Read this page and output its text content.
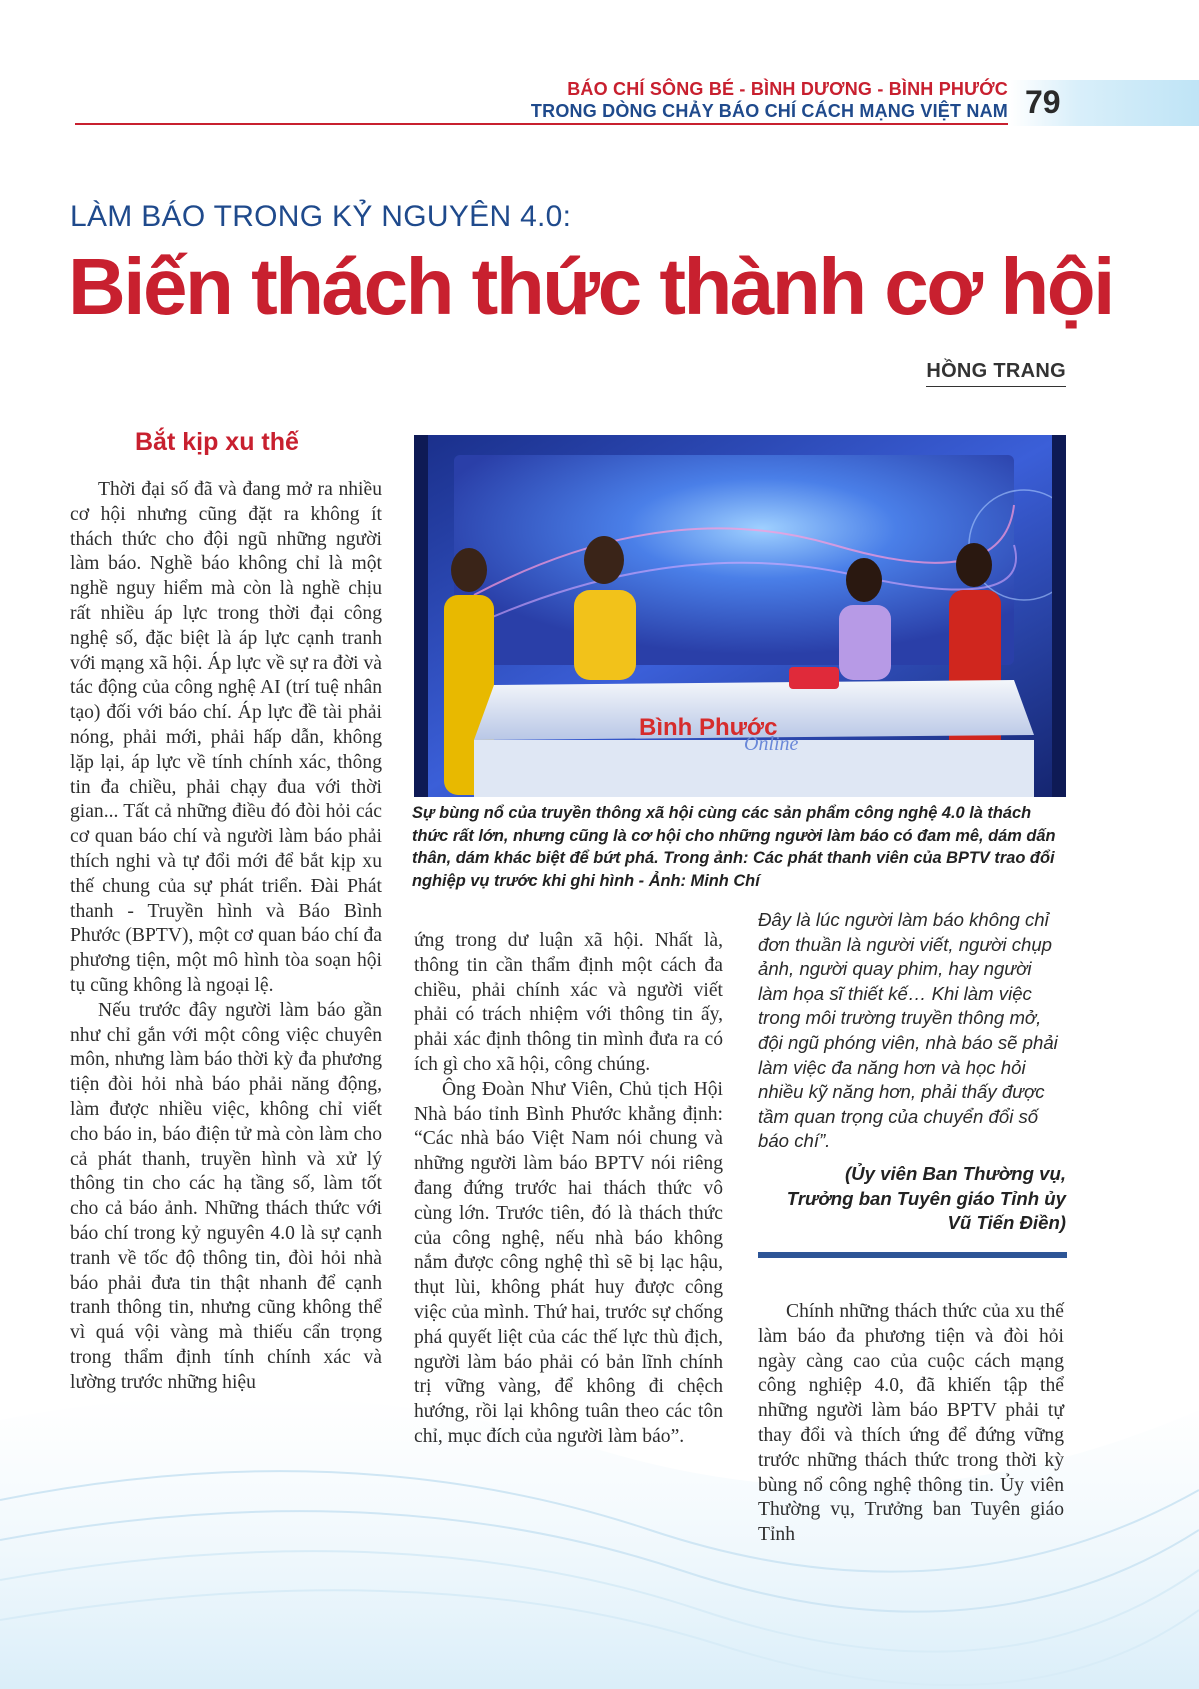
BÁO CHÍ SÔNG BÉ - BÌNH DƯƠNG - BÌNH PHƯỚC
TRONG DÒNG CHẢY BÁO CHÍ CÁCH MẠNG VIỆT NAM 79
LÀM BÁO TRONG KỶ NGUYÊN 4.0:
Biến thách thức thành cơ hội
HỒNG TRANG
Bắt kịp xu thế

Thời đại số đã và đang mở ra nhiều cơ hội nhưng cũng đặt ra không ít thách thức cho đội ngũ những người làm báo. Nghề báo không chỉ là một nghề nguy hiểm mà còn là nghề chịu rất nhiều áp lực trong thời đại công nghệ số, đặc biệt là áp lực cạnh tranh với mạng xã hội. Áp lực về sự ra đời và tác động của công nghệ AI (trí tuệ nhân tạo) đối với báo chí. Áp lực đề tài phải nóng, phải mới, phải hấp dẫn, không lặp lại, áp lực về tính chính xác, thông tin đa chiều, phải chạy đua với thời gian... Tất cả những điều đó đòi hỏi các cơ quan báo chí và người làm báo phải thích nghi và tự đổi mới để bắt kịp xu thế chung của sự phát triển. Đài Phát thanh - Truyền hình và Báo Bình Phước (BPTV), một cơ quan báo chí đa phương tiện, một mô hình tòa soạn hội tụ cũng không là ngoại lệ.

Nếu trước đây người làm báo gần như chỉ gắn với một công việc chuyên môn, nhưng làm báo thời kỳ đa phương tiện đòi hỏi nhà báo phải năng động, làm được nhiều việc, không chỉ viết cho báo in, báo điện tử mà còn làm cho cả phát thanh, truyền hình và xử lý thông tin cho các hạ tầng số, làm tốt cho cả báo ảnh. Những thách thức với báo chí trong kỷ nguyên 4.0 là sự cạnh tranh về tốc độ thông tin, đòi hỏi nhà báo phải đưa tin thật nhanh để cạnh tranh thông tin, nhưng cũng không thể vì quá vội vàng mà thiếu cẩn trọng trong thẩm định tính chính xác và lường trước những hiệu

Bình Phước
Online
Sự bùng nổ của truyền thông xã hội cùng các sản phẩm công nghệ 4.0 là thách thức rất lớn, nhưng cũng là cơ hội cho những người làm báo có đam mê, dám dấn thân, dám khác biệt để bứt phá. Trong ảnh: Các phát thanh viên của BPTV trao đổi nghiệp vụ trước khi ghi hình - Ảnh: Minh Chí

ứng trong dư luận xã hội. Nhất là, thông tin cần thẩm định một cách đa chiều, phải chính xác và người viết phải có trách nhiệm với thông tin ấy, phải xác định thông tin mình đưa ra có ích gì cho xã hội, công chúng.

Ông Đoàn Như Viên, Chủ tịch Hội Nhà báo tỉnh Bình Phước khẳng định: “Các nhà báo Việt Nam nói chung và những người làm báo BPTV nói riêng đang đứng trước hai thách thức vô cùng lớn. Trước tiên, đó là thách thức của công nghệ, nếu nhà báo không nắm được công nghệ thì sẽ bị lạc hậu, thụt lùi, không phát huy được công việc của mình. Thứ hai, trước sự chống phá quyết liệt của các thế lực thù địch, người làm báo phải có bản lĩnh chính trị vững vàng, để không đi chệch hướng, rồi lại không tuân theo các tôn chỉ, mục đích của người làm báo”.

Đây là lúc người làm báo không chỉ đơn thuần là người viết, người chụp ảnh, người quay phim, hay người làm họa sĩ thiết kế… Khi làm việc trong môi trường truyền thông mở, đội ngũ phóng viên, nhà báo sẽ phải làm việc đa năng hơn và học hỏi nhiều kỹ năng hơn, phải thấy được tầm quan trọng của chuyển đổi số báo chí”.
(Ủy viên Ban Thường vụ,
Trưởng ban Tuyên giáo Tỉnh ủy
Vũ Tiến Điền)

Chính những thách thức của xu thế làm báo đa phương tiện và đòi hỏi ngày càng cao của cuộc cách mạng công nghiệp 4.0, đã khiến tập thể những người làm báo BPTV phải tự thay đổi và thích ứng để đứng vững trước những thách thức trong thời kỳ bùng nổ công nghệ thông tin. Ủy viên Thường vụ, Trưởng ban Tuyên giáo Tỉnh
